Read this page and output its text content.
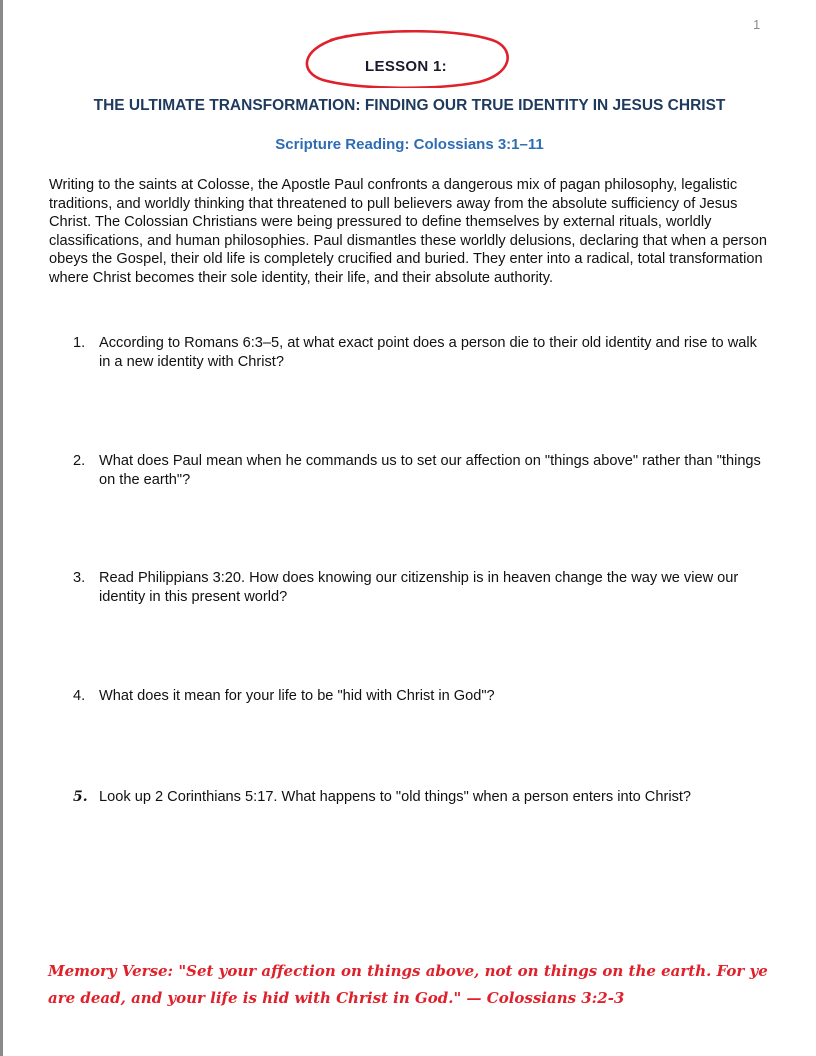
1
LESSON 1:
THE ULTIMATE TRANSFORMATION: FINDING OUR TRUE IDENTITY IN JESUS CHRIST
Scripture Reading: Colossians 3:1–11

Writing to the saints at Colosse, the Apostle Paul confronts a dangerous mix of pagan philosophy, legalistic traditions, and worldly thinking that threatened to pull believers away from the absolute sufficiency of Jesus Christ. The Colossian Christians were being pressured to define themselves by external rituals, worldly classifications, and human philosophies. Paul dismantles these worldly delusions, declaring that when a person obeys the Gospel, their old life is completely crucified and buried. They enter into a radical, total transformation where Christ becomes their sole identity, their life, and their absolute authority.

1. According to Romans 6:3–5, at what exact point does a person die to their old identity and rise to walk in a new identity with Christ?
2. What does Paul mean when he commands us to set our affection on "things above" rather than "things on the earth"?
3. Read Philippians 3:20. How does knowing our citizenship is in heaven change the way we view our identity in this present world?
4. What does it mean for your life to be "hid with Christ in God"?
5. Look up 2 Corinthians 5:17. What happens to "old things" when a person enters into Christ?
Memory Verse: "Set your affection on things above, not on things on the earth. For ye are dead, and your life is hid with Christ in God." — Colossians 3:2-3
